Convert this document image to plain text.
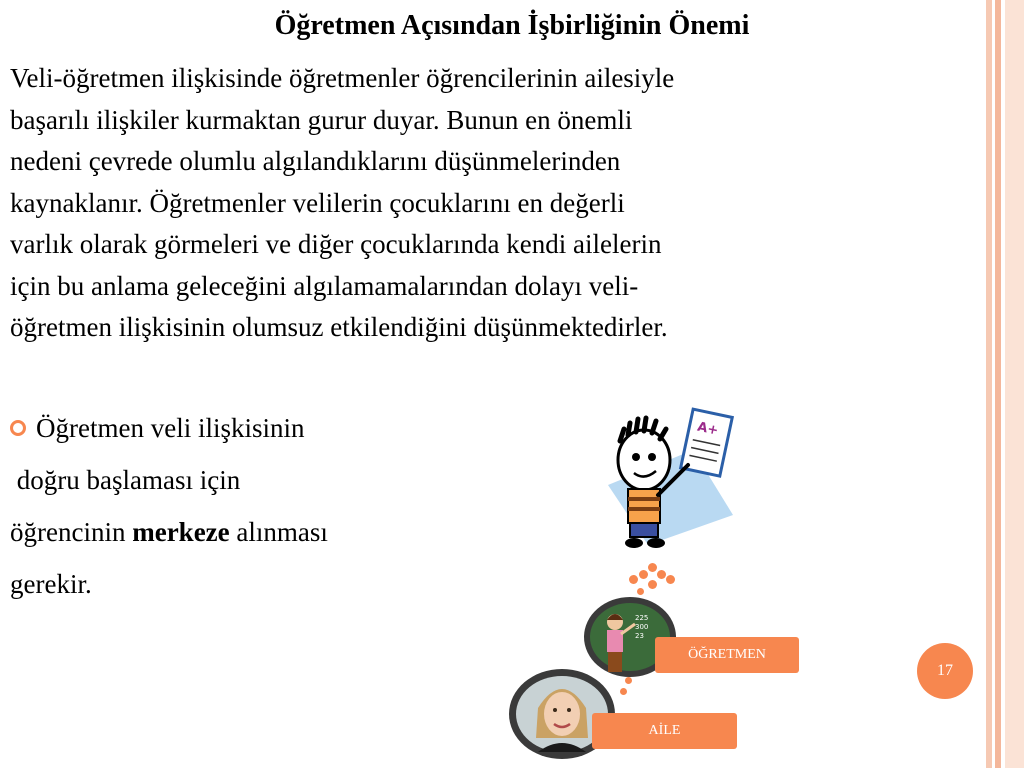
Öğretmen Açısından İşbirliğinin Önemi
Veli-öğretmen ilişkisinde öğretmenler öğrencilerinin ailesiyle
başarılı ilişkiler kurmaktan gurur duyar. Bunun en önemli
nedeni çevrede olumlu algılandıklarını düşünmelerinden
kaynaklanır. Öğretmenler velilerin çocuklarını en değerli
varlık olarak görmeleri ve diğer çocuklarında kendi ailelerin
için bu anlama geleceğini algılamamalarından dolayı veli-
öğretmen ilişkisinin olumsuz etkilendiğini düşünmektedirler.
Öğretmen veli ilişkisinin
doğru başlaması için
öğrencinin merkeze alınması
gerekir.
A+
225
300
23
ÖĞRETMEN
AİLE
17
